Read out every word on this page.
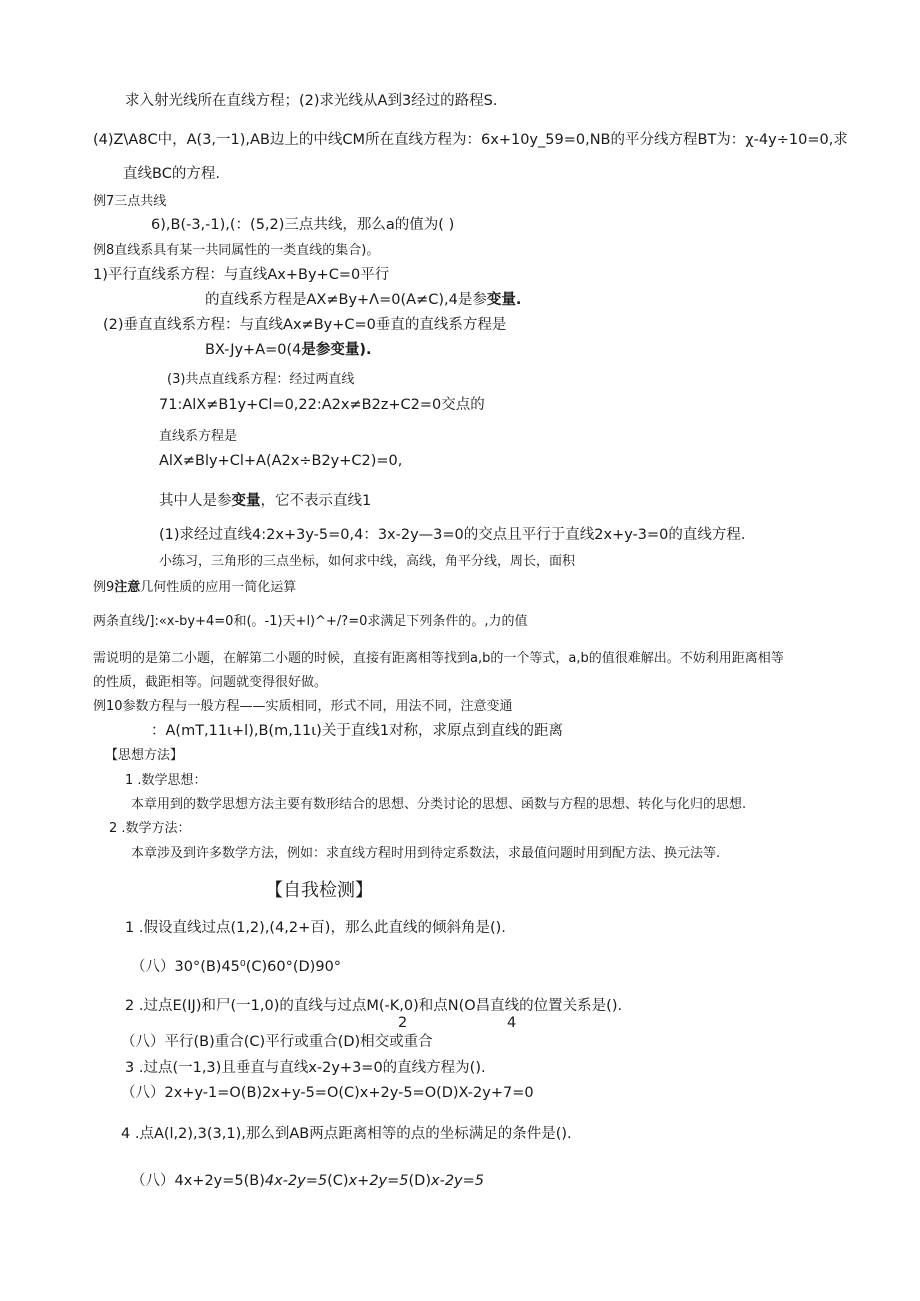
求入射光线所在直线方程；(2)求光线从A到3经过的路程S.
(4)Z\A8C中，A(3,一1),AB边上的中线CM所在直线方程为：6x+10y_59=0,NB的平分线方程BT为：χ-4y÷10=0,求
直线BC的方程.
例7三点共线
6),B(-3,-1),(：(5,2)三点共线，那么a的值为( )
例8直线系具有某一共同属性的一类直线的集合)。
1)平行直线系方程：与直线Ax+By+C=0平行
的直线系方程是AX≠By+Λ=0(A≠C),4是参变量.
(2)垂直直线系方程：与直线Ax≠By+C=0垂直的直线系方程是
BX-Jy+A=0(4是参变量).
(3)共点直线系方程：经过两直线
71:AlX≠B1y+Cl=0,22:A2x≠B2z+C2=0交点的
直线系方程是
AlX≠Bly+Cl+A(A2x÷B2y+C2)=0,
其中人是参变量，它不表示直线1
(1)求经过直线4:2x+3y-5=0,4：3x-2y—3=0的交点且平行于直线2x+y-3=0的直线方程.
小练习，三角形的三点坐标，如何求中线，高线，角平分线，周长，面积
例9注意几何性质的应用一简化运算
两条直线/]:«x-by+4=0和(。-1)天+l)^+/?=0求满足下列条件的。,力的值
需说明的是第二小题，在解第二小题的时候，直接有距离相等找到a,b的一个等式，a,b的值很难解出。不妨利用距离相等
的性质，截距相等。问题就变得很好做。
例10参数方程与一般方程——实质相同，形式不同，用法不同，注意变通
：A(mT,11ι+l),B(m,11ι)关于直线1对称，求原点到直线的距离
【思想方法】
1 .数学思想：
本章用到的数学思想方法主要有数形结合的思想、分类讨论的思想、函数与方程的思想、转化与化归的思想.
2 .数学方法：
本章涉及到许多数学方法，例如：求直线方程时用到待定系数法，求最值问题时用到配方法、换元法等.
【自我检测】
1 .假设直线过点(1,2),(4,2+百)，那么此直线的倾斜角是().
（八）30°(B)45⁰(C)60°(D)90°
2 .过点E(IJ)和尸(一1,0)的直线与过点M(-K,0)和点N(O昌直线的位置关系是().
2	4
（八）平行(B)重合(C)平行或重合(D)相交或重合
3 .过点(一1,3)且垂直与直线x-2y+3=0的直线方程为().
（八）2x+y-1=O(B)2x+y-5=O(C)x+2y-5=O(D)X-2y+7=0
4 .点A(l,2),3(3,1),那么到AB两点距离相等的点的坐标满足的条件是().
（八）4x+2y=5(B)4x-2y=5(C)x+2y=5(D)x-2y=5
